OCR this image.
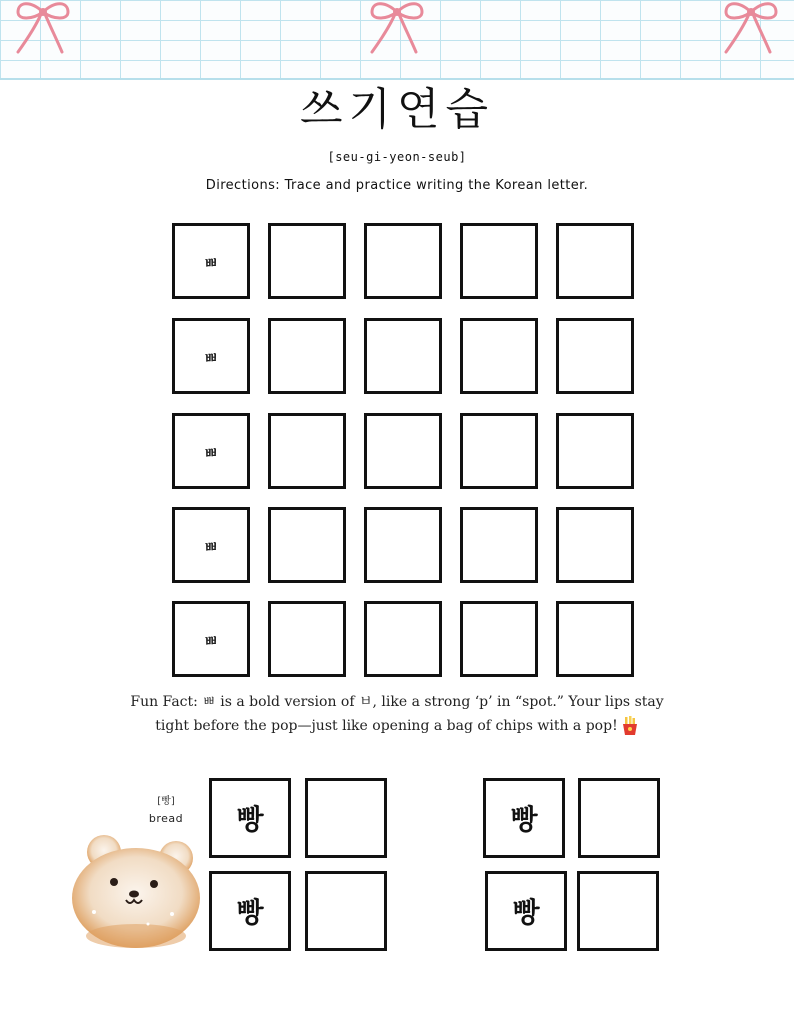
쓰기연습
[seu-gi-yeon-seub]
Directions: Trace and practice writing the Korean letter.
ㅃ
ㅃ
ㅃ
ㅃ
ㅃ
Fun Fact: ㅃ is a bold version of ㅂ, like a strong ‘p’ in “spot.” Your lips stay
tight before the pop—just like opening a bag of chips with a pop!
[빵]
bread	빵
빵
빵
빵
